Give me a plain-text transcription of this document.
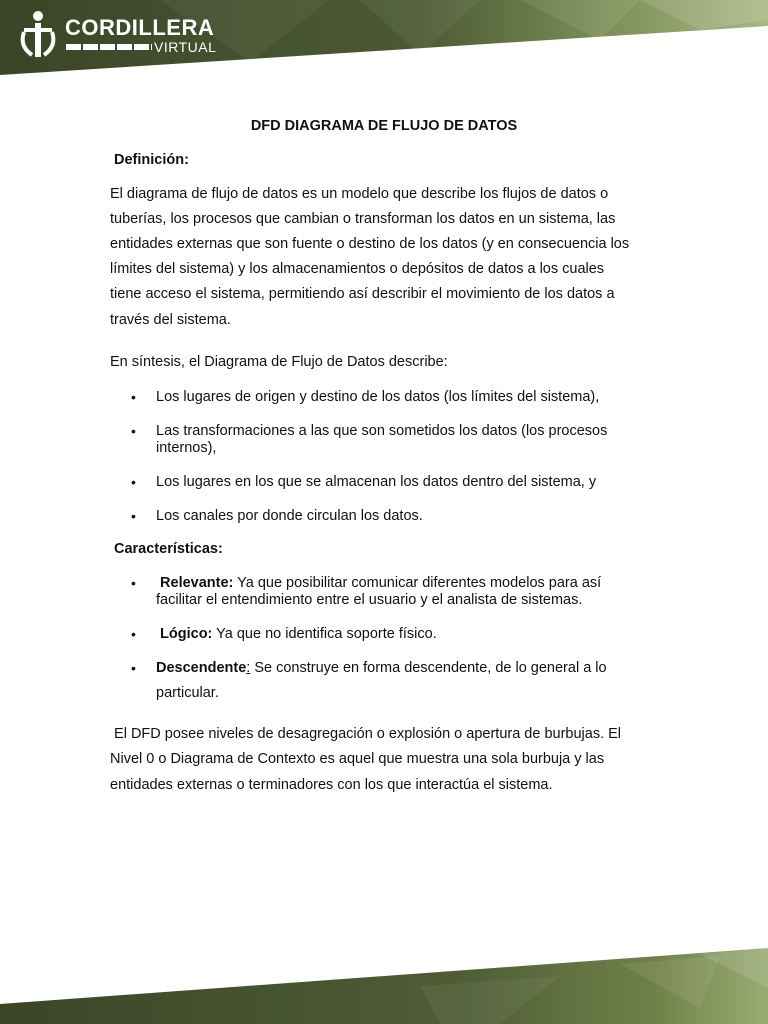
CORDILLERA
VIRTUAL
DFD DIAGRAMA DE FLUJO DE DATOS
Definición:
El diagrama de flujo de datos es un modelo que describe los flujos de datos o
tuberías, los procesos que cambian o transforman los datos en un sistema, las
entidades externas que son fuente o destino de los datos (y en consecuencia los
límites del sistema) y los almacenamientos o depósitos de datos a los cuales
tiene acceso el sistema, permitiendo así describir el movimiento de los datos a
través del sistema.
En síntesis, el Diagrama de Flujo de Datos describe:
• Los lugares de origen y destino de los datos (los límites del sistema),
• Las transformaciones a las que son sometidos los datos (los procesos internos),
• Los lugares en los que se almacenan los datos dentro del sistema, y
• Los canales por donde circulan los datos.
Características:
• Relevante: Ya que posibilitar comunicar diferentes modelos para así facilitar el entendimiento entre el usuario y el analista de sistemas.
• Lógico: Ya que no identifica soporte físico.
• Descendente: Se construye en forma descendente, de lo general a lo
particular.
El DFD posee niveles de desagregación o explosión o apertura de burbujas. El
Nivel 0 o Diagrama de Contexto es aquel que muestra una sola burbuja y las
entidades externas o terminadores con los que interactúa el sistema.
